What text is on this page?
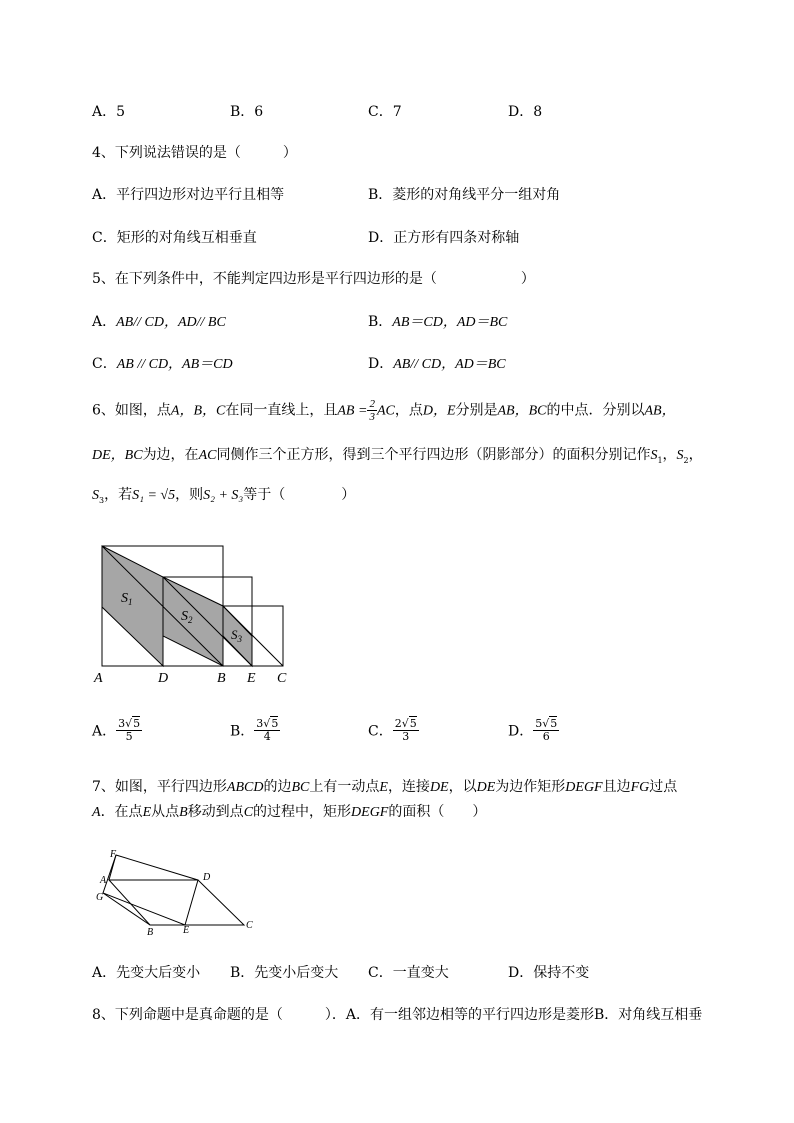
A．5	B．6	C．7	D．8
4、下列说法错误的是（　　　）
A．平行四边形对边平行且相等	B．菱形的对角线平分一组对角
C．矩形的对角线互相垂直	D．正方形有四条对称轴
5、在下列条件中，不能判定四边形是平行四边形的是（　　　　　　）
A．AB// CD，AD// BC	B．AB＝CD，AD＝BC
C．AB // CD，AB＝CD	D．AB// CD，AD＝BC
6、如图，点A，B，C在同一直线上，且AB = $\frac{2}{3}$ AC，点D，E分别是AB，BC的中点．分别以AB，
DE，BC为边，在AC同侧作三个正方形，得到三个平行四边形（阴影部分）的面积分别记作$S_1$，$S_2$，
$S_3$，若S₁ = √5，则S₂ + S₃等于（　　　　）
$S_1$
$S_2$
$S_3$
A	D	B E C
A． $\frac{3√5}{5}$	B． $\frac{3√5}{4}$	C． $\frac{2√5}{3}$	D． $\frac{5√5}{6}$
7、如图，平行四边形ABCD的边BC上有一动点E，连接DE，以DE为边作矩形DEGF且边FG过点
A．在点E从点B移动到点C的过程中，矩形DEGF的面积（　　）
F
A
G
D
B	E	C
A．先变大后变小 B．先变小后变大 C．一直变大	D．保持不变
8、下列命题中是真命题的是（　　　）．A．有一组邻边相等的平行四边形是菱形B．对角线互相垂
